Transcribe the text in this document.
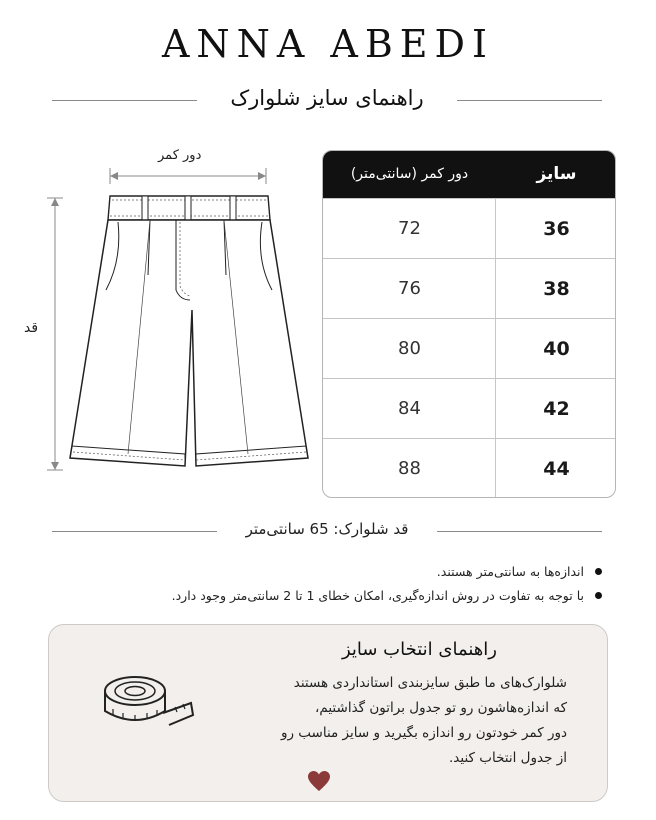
ANNA ABEDI
راهنمای سایز شلوارک
دور کمر
قد
دور کمر (سانتی‌متر)	سایز
72	36
76	38
80	40
84	42
88	44
قد شلوارک: 65 سانتی‌متر
اندازه‌ها به سانتی‌متر هستند.
با توجه به تفاوت در روش اندازه‌گیری، امکان خطای 1 تا 2 سانتی‌متر وجود دارد.
راهنمای انتخاب سایز
شلوارک‌های ما طبق سایزبندی استانداردی هستند
که اندازه‌هاشون رو تو جدول براتون گذاشتیم،
دور کمر خودتون رو اندازه بگیرید و سایز مناسب رو
از جدول انتخاب کنید.
